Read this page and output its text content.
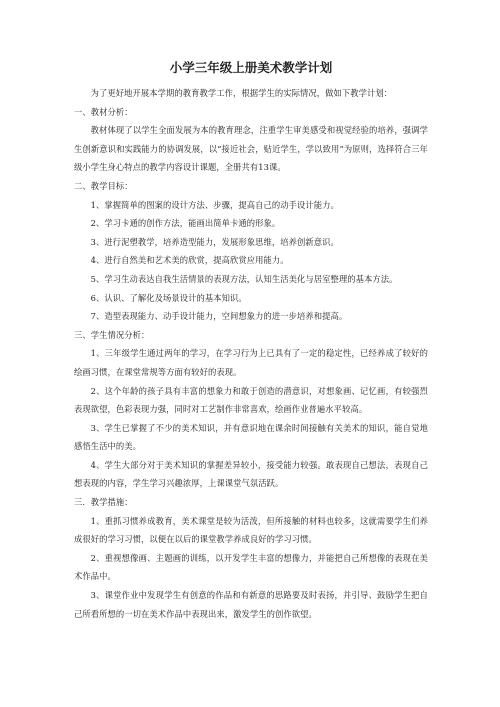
小学三年级上册美术教学计划

为了更好地开展本学期的教育教学工作，根据学生的实际情况，做如下教学计划：

一、教材分析：

教材体现了以学生全面发展为本的教育理念，注重学生审美感受和视觉经验的培养，强调学生创新意识和实践能力的协调发展，以“接近社会，贴近学生，学以致用”为原则，选择符合三年级小学生身心特点的教学内容设计课题，全册共有13课。

二、教学目标：

1、掌握简单的图案的设计方法、步骤，提高自己的动手设计能力。

2、学习卡通的创作方法，能画出简单卡通的形象。

3、进行泥塑教学，培养造型能力，发展形象思维，培养创新意识。

4、进行自然美和艺术美的欣赏，提高欣赏应用能力。

5、学习生动表达自我生活情景的表现方法，认知生活美化与居室整理的基本方法。

6、认识、了解化及场景设计的基本知识。

7、造型表现能力、动手设计能力，空间想象力的进一步培养和提高。

三、学生情况分析：

1、三年级学生通过两年的学习，在学习行为上已具有了一定的稳定性，已经养成了较好的绘画习惯，在课堂常规等方面有较好的表现。

2、这个年龄的孩子具有丰富的想象力和敢于创造的潜意识，对想象画、记忆画，有较强烈表现欲望，色彩表现力强，同时对工艺制作非常喜欢，绘画作业普遍水平较高。

3、学生已掌握了不少的美术知识，并有意识地在课余时间接触有关美术的知识，能自觉地感悟生活中的美。

4、学生大部分对于美术知识的掌握差异较小，接受能力较强。敢表现自己想法，表现自己想表现的内容，学生学习兴趣浓厚，上课课堂气氛活跃。

三．教学措施：

1、重抓习惯养成教育，美术课堂是较为活泼，但所接触的材料也较多，这就需要学生们养成很好的学习习惯，以便在以后的课堂教学养成良好的学习习惯。

2、重视想像画、主题画的训练，以开发学生丰富的想像力，并能把自己所想像的表现在美术作品中。

3、课堂作业中发现学生有创意的作品和有新意的思路要及时表扬，并引导、鼓励学生把自己所看所想的一切在美术作品中表现出来，激发学生的创作欲望。
